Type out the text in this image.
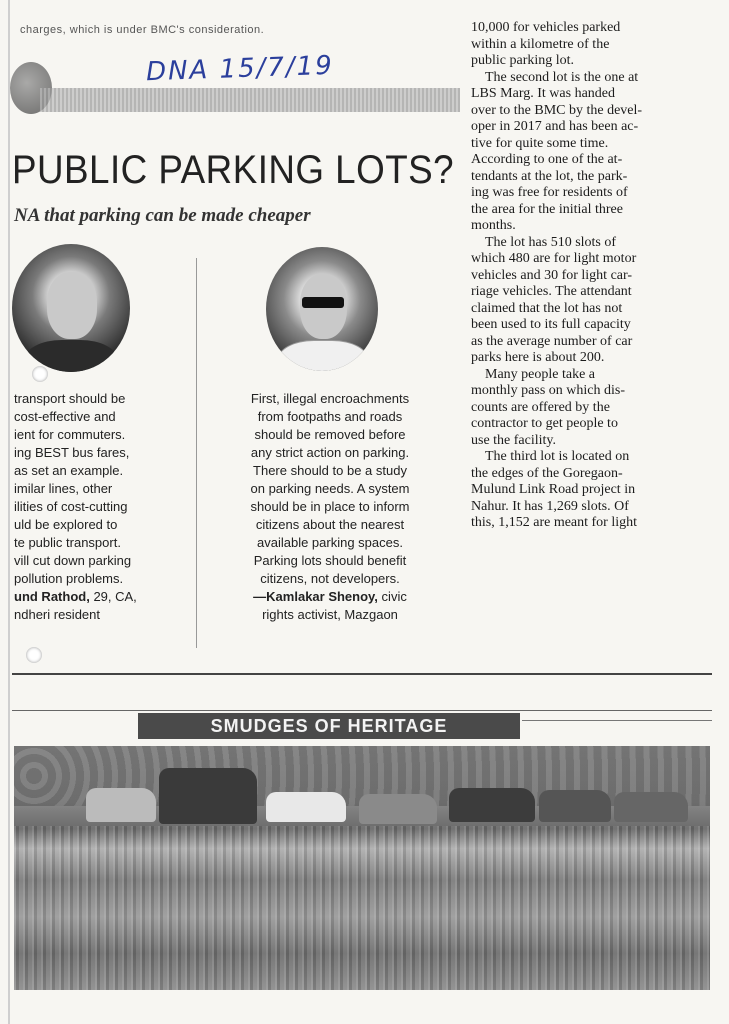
charges, which is under BMC's consideration.
DNA 15/7/19
PUBLIC PARKING LOTS?
NA that parking can be made cheaper
transport should be
cost-effective and
ient for commuters.
ing BEST bus fares,
as set an example.
imilar lines, other
ilities of cost-cutting
uld be explored to
te public transport.
vill cut down parking
pollution problems.
und Rathod, 29, CA,
ndheri resident
First, illegal encroachments
from footpaths and roads
should be removed before
any strict action on parking.
There should to be a study
on parking needs. A system
should be in place to inform
citizens about the nearest
available parking spaces.
Parking lots should benefit
citizens, not developers.
—Kamlakar Shenoy, civic
rights activist, Mazgaon
10,000 for vehicles parked
within a kilometre of the
public parking lot.
The second lot is the one at
LBS Marg. It was handed
over to the BMC by the devel-
oper in 2017 and has been ac-
tive for quite some time.
According to one of the at-
tendants at the lot, the park-
ing was free for residents of
the area for the initial three
months.
The lot has 510 slots of
which 480 are for light motor
vehicles and 30 for light car-
riage vehicles. The attendant
claimed that the lot has not
been used to its full capacity
as the average number of car
parks here is about 200.
Many people take a
monthly pass on which dis-
counts are offered by the
contractor to get people to
use the facility.
The third lot is located on
the edges of the Goregaon-
Mulund Link Road project in
Nahur. It has 1,269 slots. Of
this, 1,152 are meant for light
SMUDGES OF HERITAGE
